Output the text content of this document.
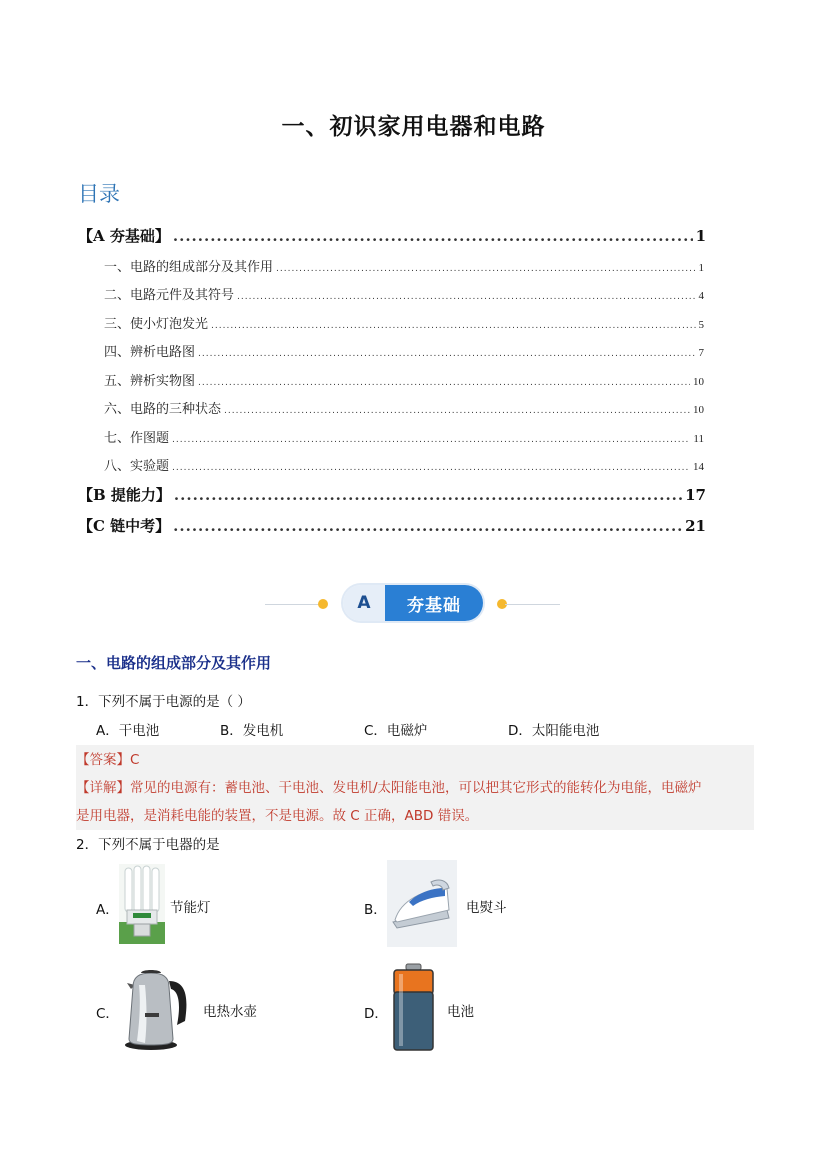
一、初识家用电器和电路
目录
【A 夯基础】 .....	1
一、电路的组成部分及其作用 .....	1
二、电路元件及其符号 .....	4
三、使小灯泡发光 .....	5
四、辨析电路图 .....	7
五、辨析实物图 .....	10
六、电路的三种状态 .....	10
七、作图题 .....	11
八、实验题 .....	14
【B 提能力】 .....	17
【C 链中考】 .....	21
A	夯基础
一、电路的组成部分及其作用
1．下列不属于电源的是（ ）
A．干电池	B．发电机	C．电磁炉	D．太阳能电池
【答案】C
【详解】常见的电源有：蓄电池、干电池、发电机/太阳能电池，可以把其它形式的能转化为电能，电磁炉
是用电器，是消耗电能的装置，不是电源。故 C 正确，ABD 错误。
2．下列不属于电器的是
A．	节能灯	B．	电熨斗
C．	电热水壶	D．	电池
